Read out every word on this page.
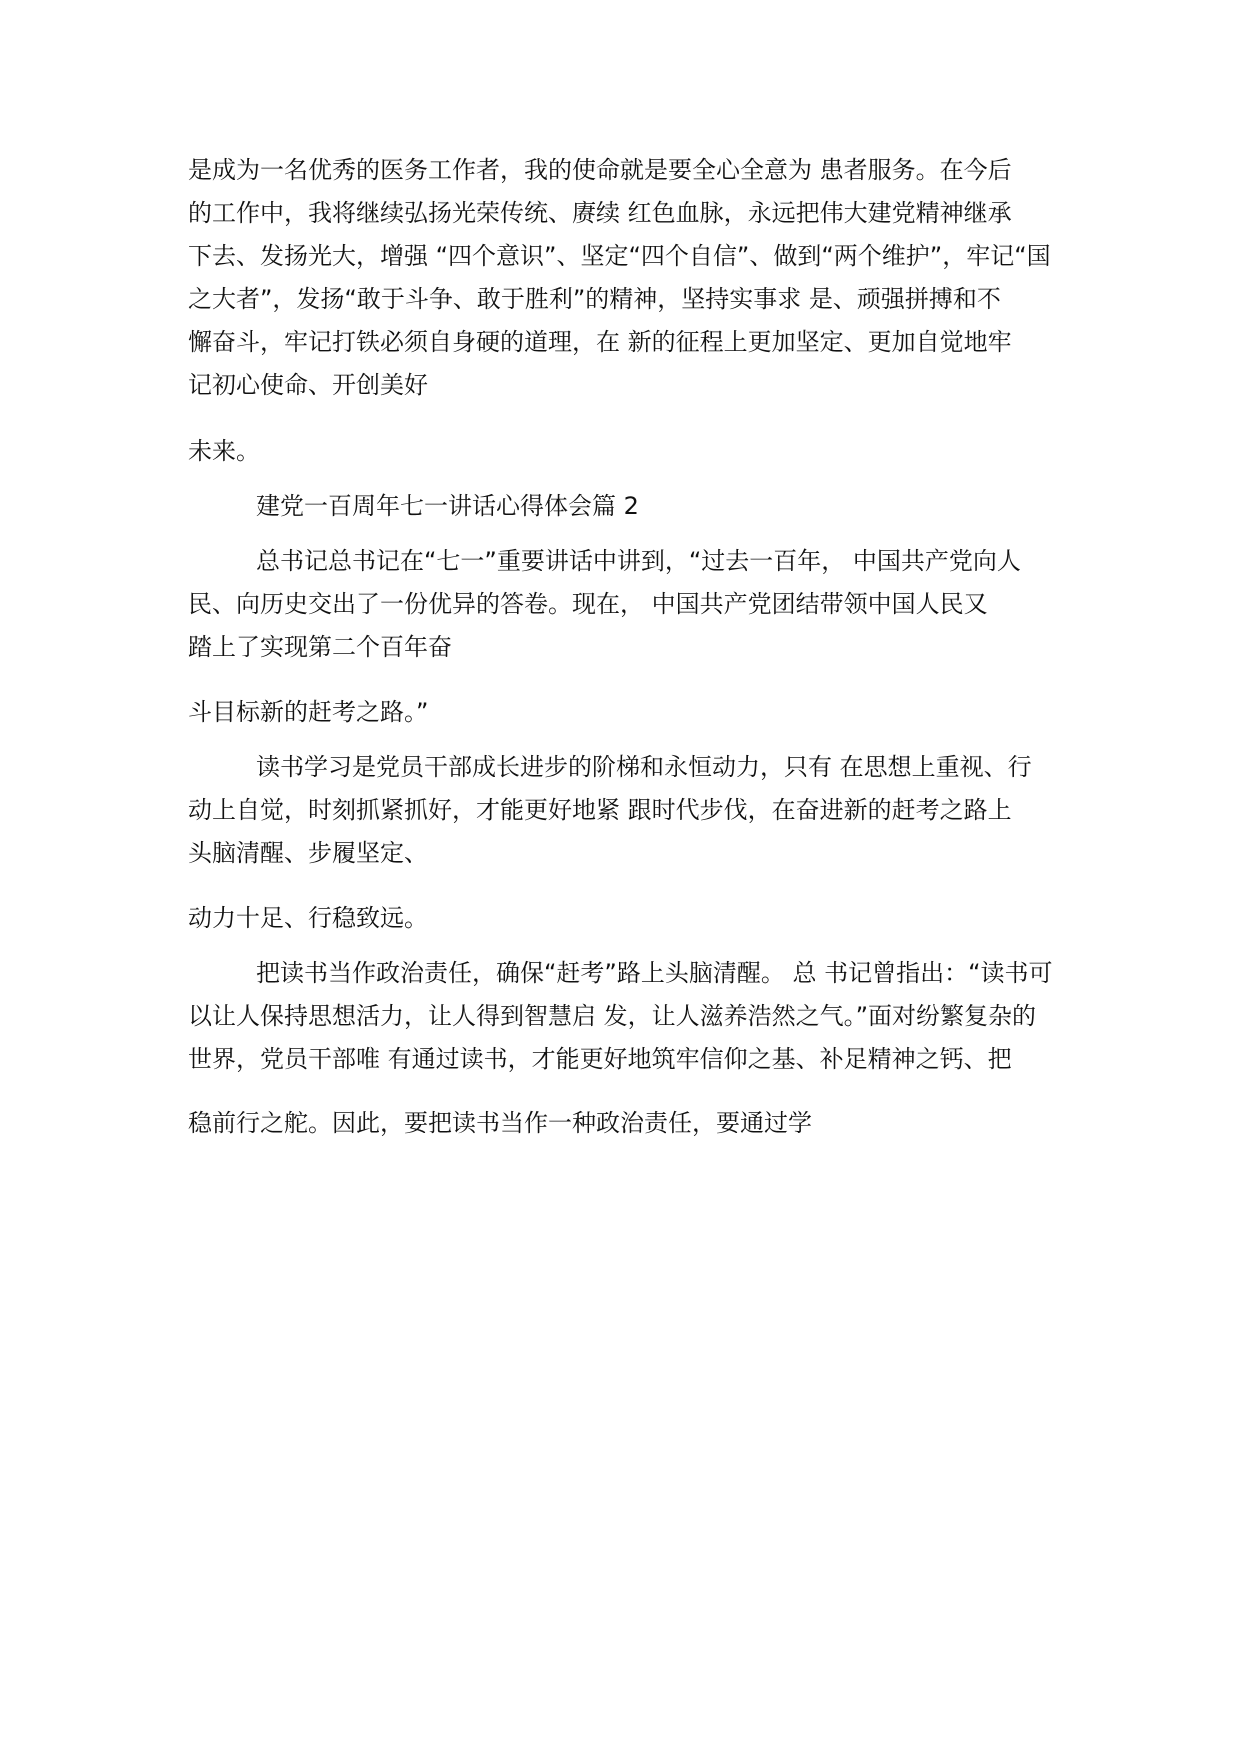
是成为一名优秀的医务工作者，我的使命就是要全心全意为 患者服务。在今后

的工作中，我将继续弘扬光荣传统、赓续 红色血脉，永远把伟大建党精神继承

下去、发扬光大，增强 “四个意识”、坚定“四个自信”、做到“两个维护”，牢记“国

之大者”，发扬“敢于斗争、敢于胜利”的精神，坚持实事求 是、顽强拼搏和不

懈奋斗，牢记打铁必须自身硬的道理，在 新的征程上更加坚定、更加自觉地牢

记初心使命、开创美好

未来。

建党一百周年七一讲话心得体会篇 2

总书记总书记在“七一”重要讲话中讲到，“过去一百年， 中国共产党向人

民、向历史交出了一份优异的答卷。现在， 中国共产党团结带领中国人民又

踏上了实现第二个百年奋

斗目标新的赶考之路。”

读书学习是党员干部成长进步的阶梯和永恒动力，只有 在思想上重视、行

动上自觉，时刻抓紧抓好，才能更好地紧 跟时代步伐，在奋进新的赶考之路上

头脑清醒、步履坚定、

动力十足、行稳致远。

把读书当作政治责任，确保“赶考”路上头脑清醒。 总 书记曾指出：“读书可

以让人保持思想活力，让人得到智慧启 发，让人滋养浩然之气。”面对纷繁复杂的

世界，党员干部唯 有通过读书，才能更好地筑牢信仰之基、补足精神之钙、把

稳前行之舵。因此，要把读书当作一种政治责任，要通过学
